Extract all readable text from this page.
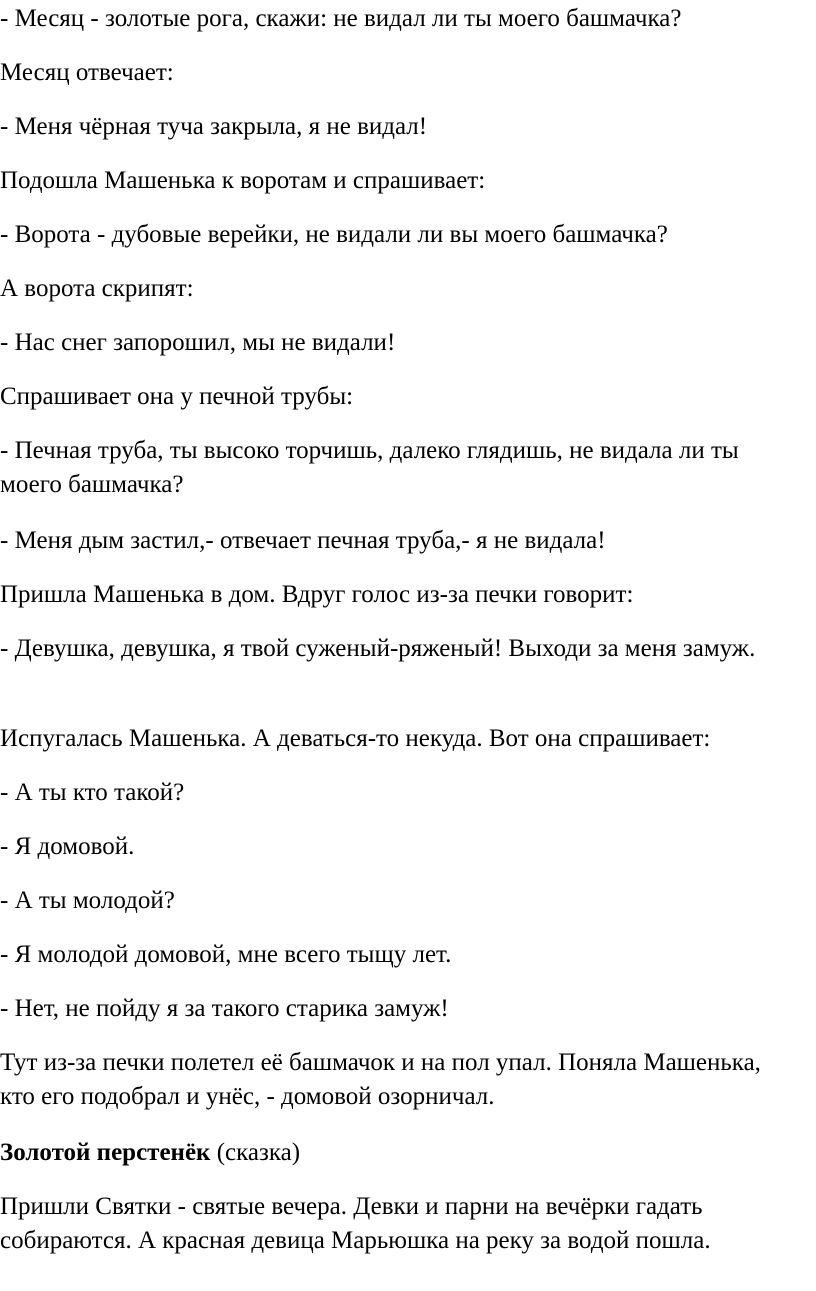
- Месяц - золотые рога, скажи: не видал ли ты моего башмачка?

Месяц отвечает:

- Меня чёрная туча закрыла, я не видал!

Подошла Машенька к воротам и спрашивает:

- Ворота - дубовые верейки, не видали ли вы моего башмачка?

А ворота скрипят:

- Нас снег запорошил, мы не видали!

Спрашивает она у печной трубы:

- Печная труба, ты высоко торчишь, далеко глядишь, не видала ли ты моего башмачка?

- Меня дым застил,- отвечает печная труба,- я не видала!

Пришла Машенька в дом. Вдруг голос из-за печки говорит:

- Девушка, девушка, я твой суженый-ряженый! Выходи за меня замуж.

Испугалась Машенька. А деваться-то некуда. Вот она спрашивает:

- А ты кто такой?

- Я домовой.

- А ты молодой?

- Я молодой домовой, мне всего тыщу лет.

- Нет, не пойду я за такого старика замуж!

Тут из-за печки полетел её башмачок и на пол упал. Поняла Машенька, кто его подобрал и унёс, - домовой озорничал.

Золотой перстенёк (сказка)

Пришли Святки - святые вечера. Девки и парни на вечёрки гадать собираются. А красная девица Марьюшка на реку за водой пошла.
